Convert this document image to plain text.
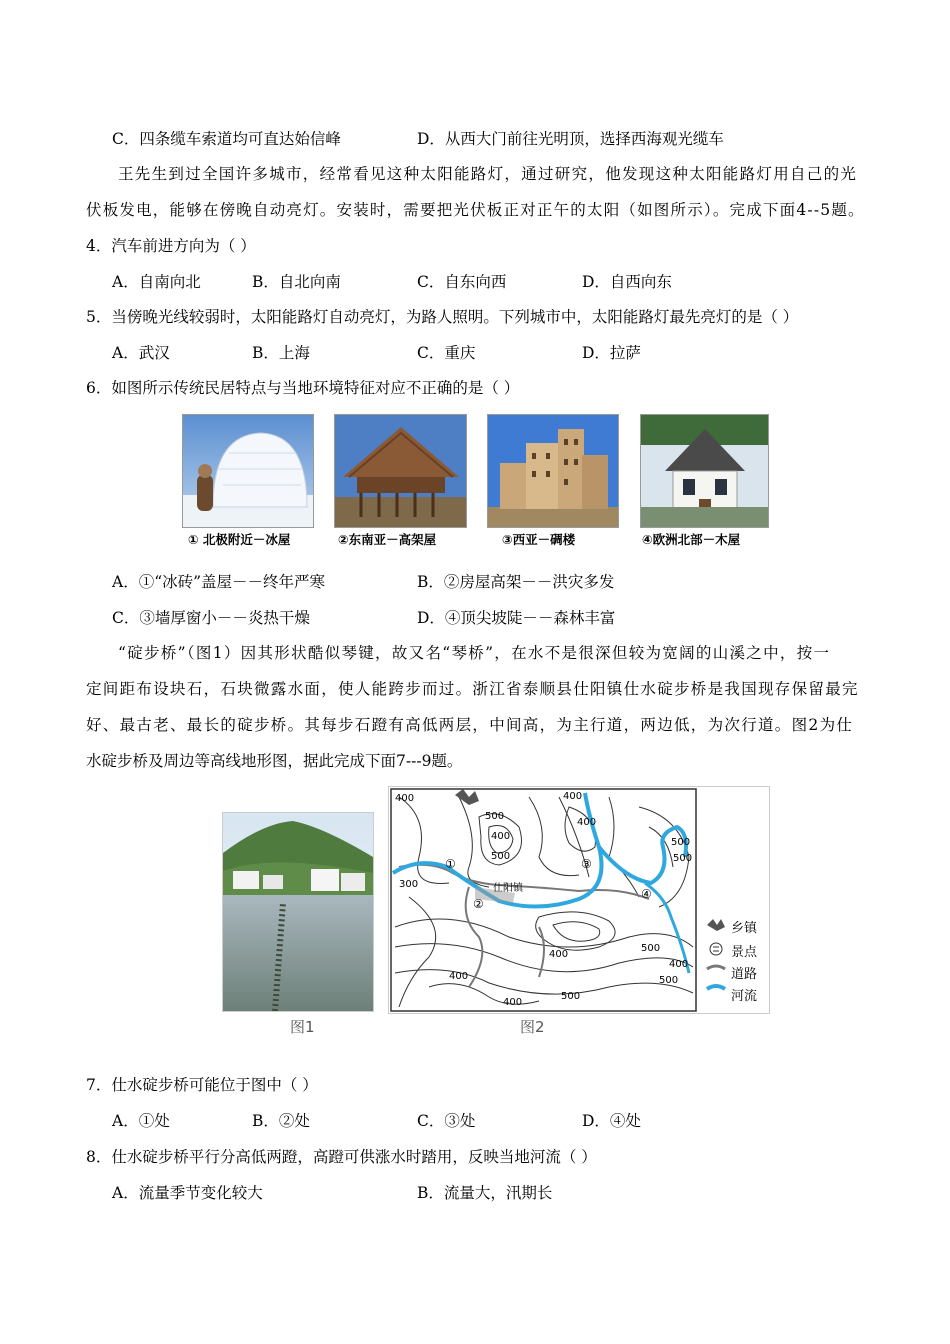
C．四条缆车索道均可直达始信峰	D．从西大门前往光明顶，选择西海观光缆车
王先生到过全国许多城市，经常看见这种太阳能路灯，通过研究，他发现这种太阳能路灯用自己的光
伏板发电，能够在傍晚自动亮灯。安装时，需要把光伏板正对正午的太阳（如图所示）。完成下面4--5题。
4．汽车前进方向为（ ）
A．自南向北	B．自北向南	C．自东向西	D．自西向东
5．当傍晚光线较弱时，太阳能路灯自动亮灯，为路人照明。下列城市中，太阳能路灯最先亮灯的是（ ）
A．武汉	B．上海	C．重庆	D．拉萨
6．如图所示传统民居特点与当地环境特征对应不正确的是（ ）
① 北极附近－冰屋	②东南亚－高架屋	③西亚－碉楼	④欧洲北部－木屋
A．①“冰砖”盖屋－－终年严寒	B．②房屋高架－－洪灾多发
C．③墙厚窗小－－炎热干燥	D．④顶尖坡陡－－森林丰富
“碇步桥”（图1）因其形状酷似琴键，故又名“琴桥”，在水不是很深但较为宽阔的山溪之中，按一
定间距布设块石，石块微露水面，使人能跨步而过。浙江省泰顺县仕阳镇仕水碇步桥是我国现存保留最完
好、最古老、最长的碇步桥。其每步石蹬有高低两层，中间高，为主行道，两边低，为次行道。图2为仕
水碇步桥及周边等高线地形图，据此完成下面7---9题。
图1
400	400
500
400
300
500
400
500
500
400
400
500
400	500
500
400
仕阳镇
①
②
③
④
乡镇
景点
道路
河流
图2
7．仕水碇步桥可能位于图中（ ）
A．①处	B．②处	C．③处	D．④处
8．仕水碇步桥平行分高低两蹬，高蹬可供涨水时踏用，反映当地河流（ ）
A．流量季节变化较大	B．流量大，汛期长
